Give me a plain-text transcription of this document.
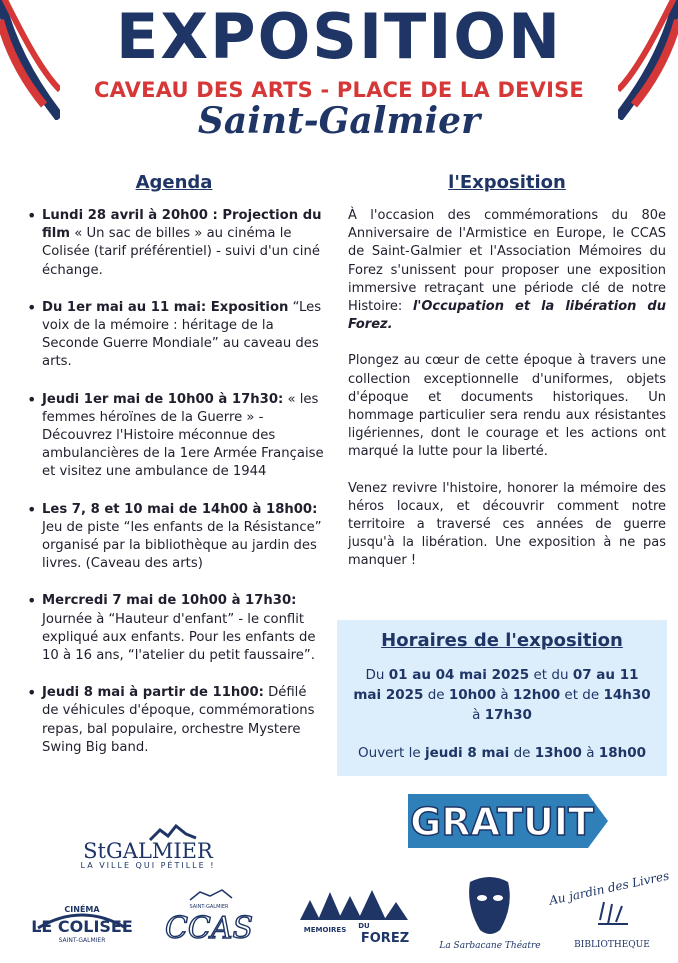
EXPOSITION
CAVEAU DES ARTS - PLACE DE LA DEVISE
Saint-Galmier
Agenda
• Lundi 28 avril à 20h00 : Projection du film « Un sac de billes » au cinéma le Colisée (tarif préférentiel) - suivi d'un ciné échange.
• Du 1er mai au 11 mai: Exposition “Les voix de la mémoire : héritage de la Seconde Guerre Mondiale” au caveau des arts.
• Jeudi 1er mai de 10h00 à 17h30: « les femmes héroïnes de la Guerre » - Découvrez l'Histoire méconnue des ambulancières de la 1ere Armée Française et visitez une ambulance de 1944
• Les 7, 8 et 10 mai de 14h00 à 18h00: Jeu de piste “les enfants de la Résistance” organisé par la bibliothèque au jardin des livres. (Caveau des arts)
• Mercredi 7 mai de 10h00 à 17h30: Journée à “Hauteur d'enfant” - le conflit expliqué aux enfants. Pour les enfants de 10 à 16 ans, “l'atelier du petit faussaire”.
• Jeudi 8 mai à partir de 11h00: Défilé de véhicules d'époque, commémorations repas, bal populaire, orchestre Mystere Swing Big band.
l'Exposition

À l'occasion des commémorations du 80e Anniversaire de l'Armistice en Europe, le CCAS de Saint-Galmier et l'Association Mémoires du Forez s'unissent pour proposer une exposition immersive retraçant une période clé de notre Histoire: l'Occupation et la libération du Forez.

Plongez au cœur de cette époque à travers une collection exceptionnelle d'uniformes, objets d'époque et documents historiques. Un hommage particulier sera rendu aux résistantes ligériennes, dont le courage et les actions ont marqué la lutte pour la liberté.

Venez revivre l'histoire, honorer la mémoire des héros locaux, et découvrir comment notre territoire a traversé ces années de guerre jusqu'à la libération. Une exposition à ne pas manquer !

Horaires de l'exposition
Du 01 au 04 mai 2025 et du 07 au 11 mai 2025 de 10h00 à 12h00 et de 14h30 à 17h30
Ouvert le jeudi 8 mai de 13h00 à 18h00
GRATUIT
StGALMIER
LA VILLE QUI PÉTILLE !
CINÉMA
LE COLISEE
SAINT-GALMIER
SAINT-GALMIER
CCAS	MEMOIRES DU
FOREZ	La Sarbacane Théatre
Au jardin des Livres
BIBLIOTHEQUE
